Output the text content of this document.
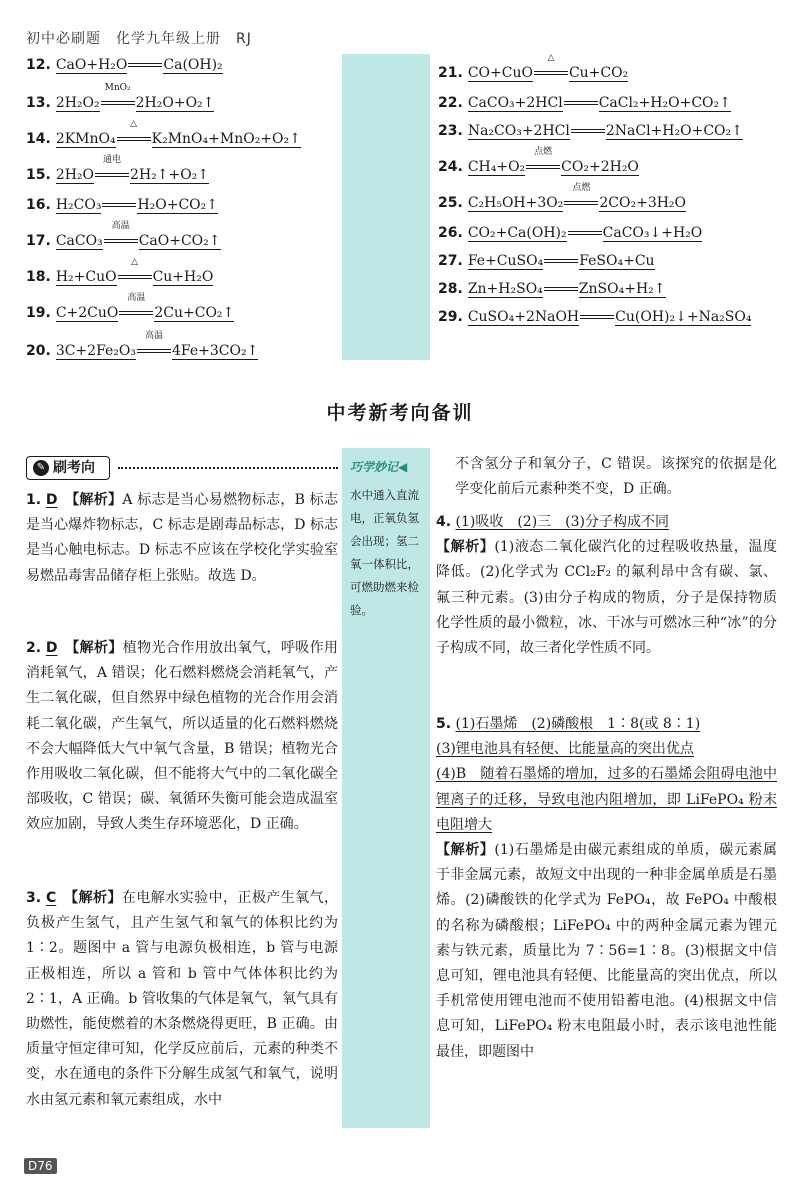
初中必刷题　化学九年级上册　RJ
12. CaO+H₂O	Ca(OH)₂
13. 2H₂O₂
MnO₂
2H₂O+O₂↑
14. 2KMnO₄
△
K₂MnO₄+MnO₂+O₂↑
15. 2H₂O
通电
2H₂↑+O₂↑
16. H₂CO₃	H₂O+CO₂↑
17. CaCO₃
高温
CaO+CO₂↑
18. H₂+CuO
△
Cu+H₂O
19. C+2CuO
高温
2Cu+CO₂↑
20. 3C+2Fe₂O₃
高温
4Fe+3CO₂↑
21. CO+CuO
△
Cu+CO₂
22. CaCO₃+2HCl	CaCl₂+H₂O+CO₂↑
23. Na₂CO₃+2HCl	2NaCl+H₂O+CO₂↑
24. CH₄+O₂
点燃
CO₂+2H₂O
25. C₂H₅OH+3O₂
点燃
2CO₂+3H₂O
26. CO₂+Ca(OH)₂	CaCO₃↓+H₂O
27. Fe+CuSO₄	FeSO₄+Cu
28. Zn+H₂SO₄	ZnSO₄+H₂↑
29. CuSO₄+2NaOH	Cu(OH)₂↓+Na₂SO₄
中考新考向备训
✎ 刷考向	巧学妙记◀

水中通入直流电，正氧负氢会出现；氢二氧一体积比，可燃助燃来检验。

1. D　 【解析】A 标志是当心易燃物标志，B 标志是当心爆炸物标志，C 标志是剧毒品标志，D 标志是当心触电标志。D 标志不应该在学校化学实验室易燃品毒害品储存柜上张贴。故选 D。

2. D　 【解析】植物光合作用放出氧气，呼吸作用消耗氧气，A 错误；化石燃料燃烧会消耗氧气，产生二氧化碳，但自然界中绿色植物的光合作用会消耗二氧化碳，产生氧气，所以适量的化石燃料燃烧不会大幅降低大气中氧气含量，B 错误；植物光合作用吸收二氧化碳，但不能将大气中的二氧化碳全部吸收，C 错误；碳、氧循环失衡可能会造成温室效应加剧，导致人类生存环境恶化，D 正确。

3. C　 【解析】在电解水实验中，正极产生氧气，负极产生氢气，且产生氢气和氧气的体积比约为 1∶2。题图中 a 管与电源负极相连，b 管与电源正极相连，所以 a 管和 b 管中气体体积比约为 2∶1，A 正确。b 管收集的气体是氧气，氧气具有助燃性，能使燃着的木条燃烧得更旺，B 正确。由质量守恒定律可知，化学反应前后，元素的种类不变，水在通电的条件下分解生成氢气和氧气，说明水由氢元素和氧元素组成，水中

不含氢分子和氧分子，C 错误。该探究的依据是化学变化前后元素种类不变，D 正确。

4. (1)吸收　(2)三　(3)分子构成不同
【解析】(1)液态二氧化碳汽化的过程吸收热量，温度降低。(2)化学式为 CCl₂F₂ 的氟利昂中含有碳、氯、氟三种元素。(3)由分子构成的物质，分子是保持物质化学性质的最小微粒，冰、干冰与可燃冰三种“冰”的分子构成不同，故三者化学性质不同。

5. (1)石墨烯　(2)磷酸根　1∶8(或 8∶1)
(3)锂电池具有轻便、比能量高的突出优点
(4)B　随着石墨烯的增加，过多的石墨烯会阻碍电池中锂离子的迁移，导致电池内阻增加，即 LiFePO₄ 粉末电阻增大
【解析】(1)石墨烯是由碳元素组成的单质，碳元素属于非金属元素，故短文中出现的一种非金属单质是石墨烯。(2)磷酸铁的化学式为 FePO₄，故 FePO₄ 中酸根的名称为磷酸根；LiFePO₄ 中的两种金属元素为锂元素与铁元素，质量比为 7∶56=1∶8。(3)根据文中信息可知，锂电池具有轻便、比能量高的突出优点，所以手机常使用锂电池而不使用铅蓄电池。(4)根据文中信息可知，LiFePO₄ 粉末电阻最小时，表示该电池性能最佳，即题图中

D76
